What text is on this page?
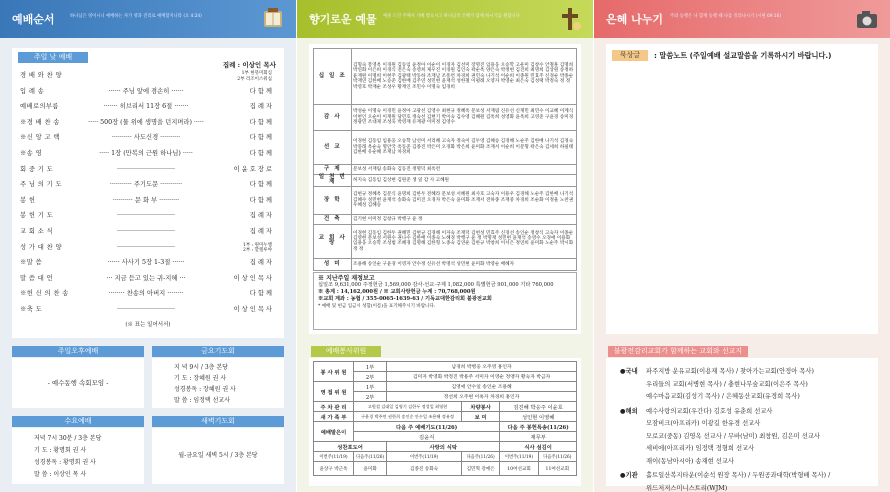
예배순서	하나님은 영이시니 예배하는 자가 영과 진리로 예배할지니라 (요 4:24)
주일 낮 예배
집례 : 이상인 목사
(※ 표는 일어서서)
경 배 와 찬 양	1부 현뮤미회심
2부 리조이스워십
입 례 송	······ 주님 앞에 겸손히 ······	다 함 께
예배로의부름	······· 히브리서 11장 6절 ·······	집 례 자
※경 배 찬 송	····· 500장 (물 위에 생명을 던지며라) ·····	다 함 께
※신 앙 고 백	·········· 사도신경 ··········	다 함 께
※송 영	····· 1장 (만복의 근원 하나님) ·····	다 함 께
회 중 기 도	·····························	이 윤 호 장 로
주 님 의 기 도	··········· 주기도문 ···········	다 함 께
봉 헌	·········· 문 화 부 ··········	다 함 께
봉 헌 기 도	·····························	집 례 자
교 회 소 식	·····························	집 례 자
성 가 대 찬 양	·····························	1부 : 원미누엘
2부 : 할렐루야
※말 씀	······ 사사기 5장 1-3절 ······	집 례 자
말 씀 대 언	··· 지금 듣고 있는 귀-지혜 ···	이 상 인 목 사
※헌 신 의 찬 송	········ 찬송의 아버지 ········	다 함 께
※축 도	·····························	이 상 인 목 사
주일오후예배
- 예수동행 속회모임 -
금요기도회
지 녁 9시 / 3층 본당
기 도 : 장혜원 권 사
성경봉독 : 장혜원 권 사
말 씀 : 임정택 선교사
수요예배
저녁 7시 30분 / 3층 본당
기 도 : 황명회 권 사
성경봉독 : 황명회 권 사
말 씀 : 이상인 목 사
새벽기도회
월-금요일 새벽 5시 / 3층 본당
향기로운 예물 예물 드린 주께서 기뻐 받으시고 하나님의 은혜가 함께 하시기를 원합니다
십 일 조	김형숙 봉영옥 이경원 김동임 윤정아 이순이 이경자 김선미 장명진 임용웅 오승학 고운미 김창수 안철훈 김명희 박연화 이은희 이경식 전은숙 송영희 제우진 이경원 김인숙 곽순옥 양은숙 박정현 김진희 최명희 김상원 송정하 윤재원 이명희 이현주 김광태 박동하 조재남 조흥련 차경희 권민숙 나기석 이순희 이종원 민효주 신경순 박종순 박재연 김한배 노승준 김한배 김주연 성민현 윤재석 성한철 이평례 오영자 박영순 최은숙 김성택 박정숙 정 정 박영호 박재순 조성우 황재인 조민수 이명숙 임경희
감 사	박성순 이명숙 이경민 윤정아 고광선 김영수 최현규 정혜옥 문보성 서재림 신유선 신재민 최민수 이교혜 이계식 이현인 오순이 이재원 당민호 정숙선 김현기 박이숙 김수영 김혜원 김옥희 성영화 윤옥희 고영준 구윤경 송미경 정광민 조대제 조성욱 박영재 유재광 이미정 김영수
선 교	이경현 김동임 임용웅 오승학 남선미 서리혜 고숙자 정숙이 김두영 김혜승 김경해 노순주 김한배 나기석 김경숙 박풍래 옥순숙 명안국 옥동준 김종진 박은미 오경화 박은희 윤미화 조재서 이순희 이문형 곽은숙 김세희 하필태 김한배 유순혜 조재남 차경희
구 제	문보성 서재림 송화숙 김동진 정명덕 최옥련
일 천 번 제	허지숙 김동임 김상현 김원준 생 일 감 사 고혜원
장 학	김현규 정혜옥 김문식 윤명희 김한두 전혜라 문보성 서혜원 최사호 고숙자 이용우 김경해 노순주 김한배 나기석 김혜수 성민현 윤재석 송화숙 김미진 오경자 박은숙 윤미화 조재서 전하종 조재중 차경희 조순화 이정울 노찬권 우혜성 김혜승
건 축	김기현 이미정 김창규 박행구 윤 정
교 회 사 랑	이경현 김동임 김한두 권혜민 김현규 김경해 이자숙 조재덕 김현성 민효주 신경선 송인순 정창식 고숙자 이종순 김영현 문보성 서원수 권나수 김한배 이종숙 노혜경 박행구 윤 정 박명재 성민현 윤재석 송영수 오경애 이용화 임용웅 오승학 조성범 조혜경 김명해 김한형 노종숙 김연운 김한규 박창희 이서은 정연희 윤미화 노순주 박시화 정 정
성 미	조용해 송인순 구윤경 이영자 안수정 신유선 박명석 성민현 윤미화 박영순 배혜자
※ 지난주일 재정보고
십일조 9,631,000 주정헌금 1,569,000 감사·선교·구제 1,082,000 특별헌금 901,000 기타 760,000
※ 총계 : 14,162,000원 / ※ 교회사랑헌금 누계 : 70,768,000원
※교회 계좌 : 농협 / 355-0065-1639-63 / 기독교대한감리회 불광전교회
* 예배 및 헌금 입금시 성함(이름)을 표기해주시기 바랍니다.
예배봉사위원
봉 사 위 원	1부	남경희 박병웅 오주영 홍인자			
	2부	김미자 박영화 박정진 박용주 서미자 이영순 정앵자 황숙자 박금자			
영 접 위 원	1부	김영애 안수일 송인순 조용해			
	2부	정선희 오주현 이옥자 차경희 홍인자			
주 차 관 리	고원섭 김대일 김영기 김한두 정성일 최영현		차량봉사	김진혜 박응주 이윤호	
새 가 족 부	구윤경 박주연 권한희 송인순 안수일 조용해 정유정		보 미	성인현 이영혜	
예배말은이	다음 주 예배기도(11/26)			다음 주 봉헌특송(11/26)	
	김윤식			재무부	
성찬포도어		사랑의 식탁		식사 섬김이	
이번주(11/19)	다음주(11/26)	이번주(11/19)	다음주(11/26)	이번주(11/19)	다음주(11/26)
윤상구 박근옥	윤미화	김종진 송화숙	김민혁 강예은	10여선교회	11여선교회
은혜 나누기 주와 동행은 나 함께 동행 때 나를 길러나시기 (시편 69:16)
묵상글	: 말씀노트 (주일예배 설교말씀을 기록하시기 바랍니다.)
불광전감리교회가 함께하는 교회와 선교지
●국내	파주지방 운유교회(이용재 목사) / 찾아가는교회(안정아 목사)
우리들의 교회(서병현 목사) / 충현나무숲교회(이은주 목사)
예수마음교회(김성기 목사) / 은혜동산교회(유경희 목사)
●해외	예수사랑의교회(우간다) 김호성 유춘희 선교사
모잠비크(아프리카) 이광길 한유경 선교사
모로코(중동) 김영옥 선교사 / 무바(남미) 최창원, 김은미 선교사
세비에(아프리카) 임정택 정형희 선교사
재이(동남아시아) 송재현 선교사
●기관	홀트일산복지타운(이순석 원장 목사) / 두원공과대학(박형배 목사) /
위드저저스미니스트리(WJM)
